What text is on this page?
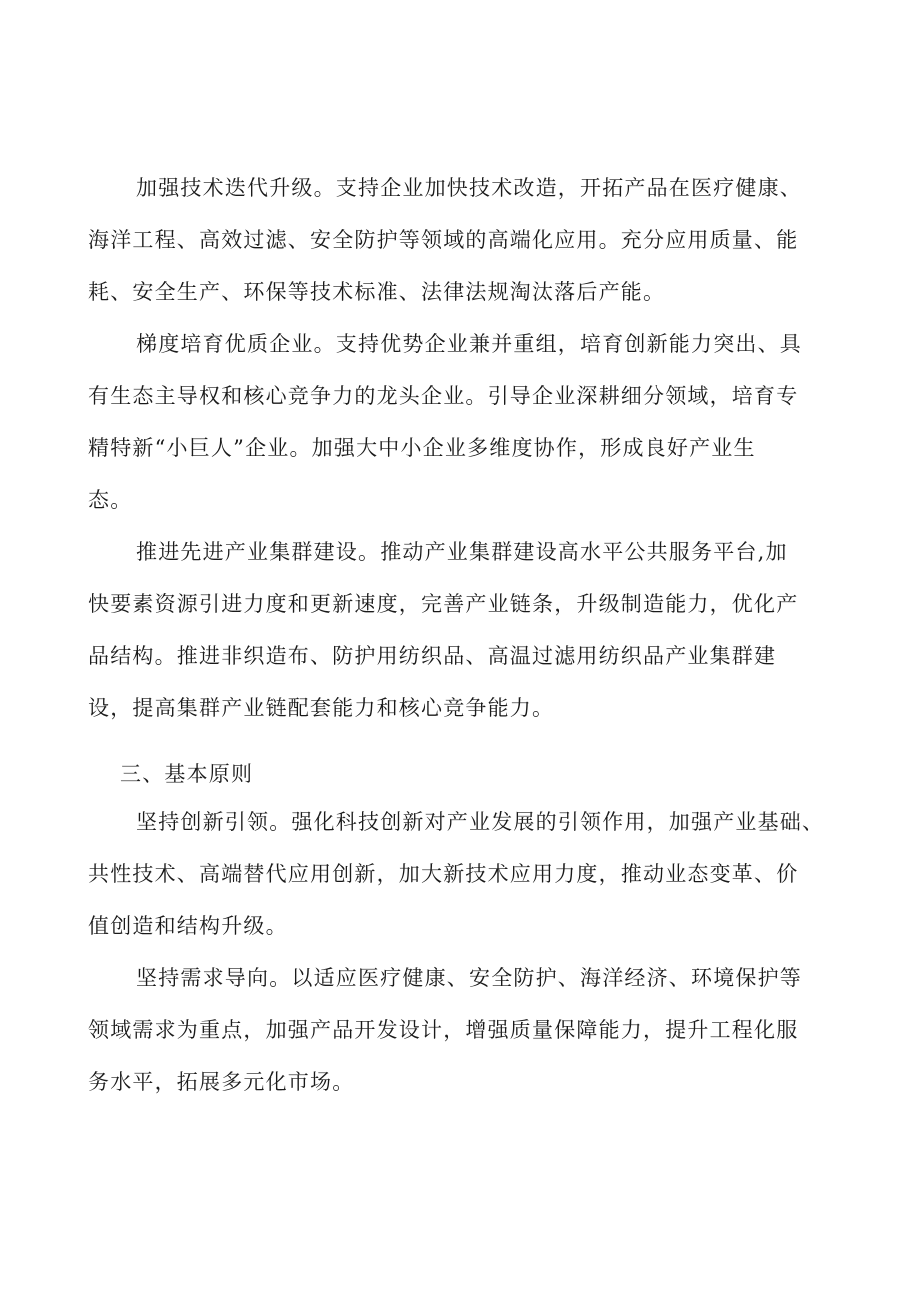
加强技术迭代升级。支持企业加快技术改造，开拓产品在医疗健康、
海洋工程、高效过滤、安全防护等领域的高端化应用。充分应用质量、能
耗、安全生产、环保等技术标准、法律法规淘汰落后产能。
梯度培育优质企业。支持优势企业兼并重组，培育创新能力突出、具
有生态主导权和核心竞争力的龙头企业。引导企业深耕细分领域，培育专
精特新“小巨人”企业。加强大中小企业多维度协作，形成良好产业生
态。
推进先进产业集群建设。推动产业集群建设高水平公共服务平台,加
快要素资源引进力度和更新速度，完善产业链条，升级制造能力，优化产
品结构。推进非织造布、防护用纺织品、高温过滤用纺织品产业集群建
设，提高集群产业链配套能力和核心竞争能力。
三、基本原则
坚持创新引领。强化科技创新对产业发展的引领作用，加强产业基础、
共性技术、高端替代应用创新，加大新技术应用力度，推动业态变革、价
值创造和结构升级。
坚持需求导向。以适应医疗健康、安全防护、海洋经济、环境保护等
领域需求为重点，加强产品开发设计，增强质量保障能力，提升工程化服
务水平，拓展多元化市场。
